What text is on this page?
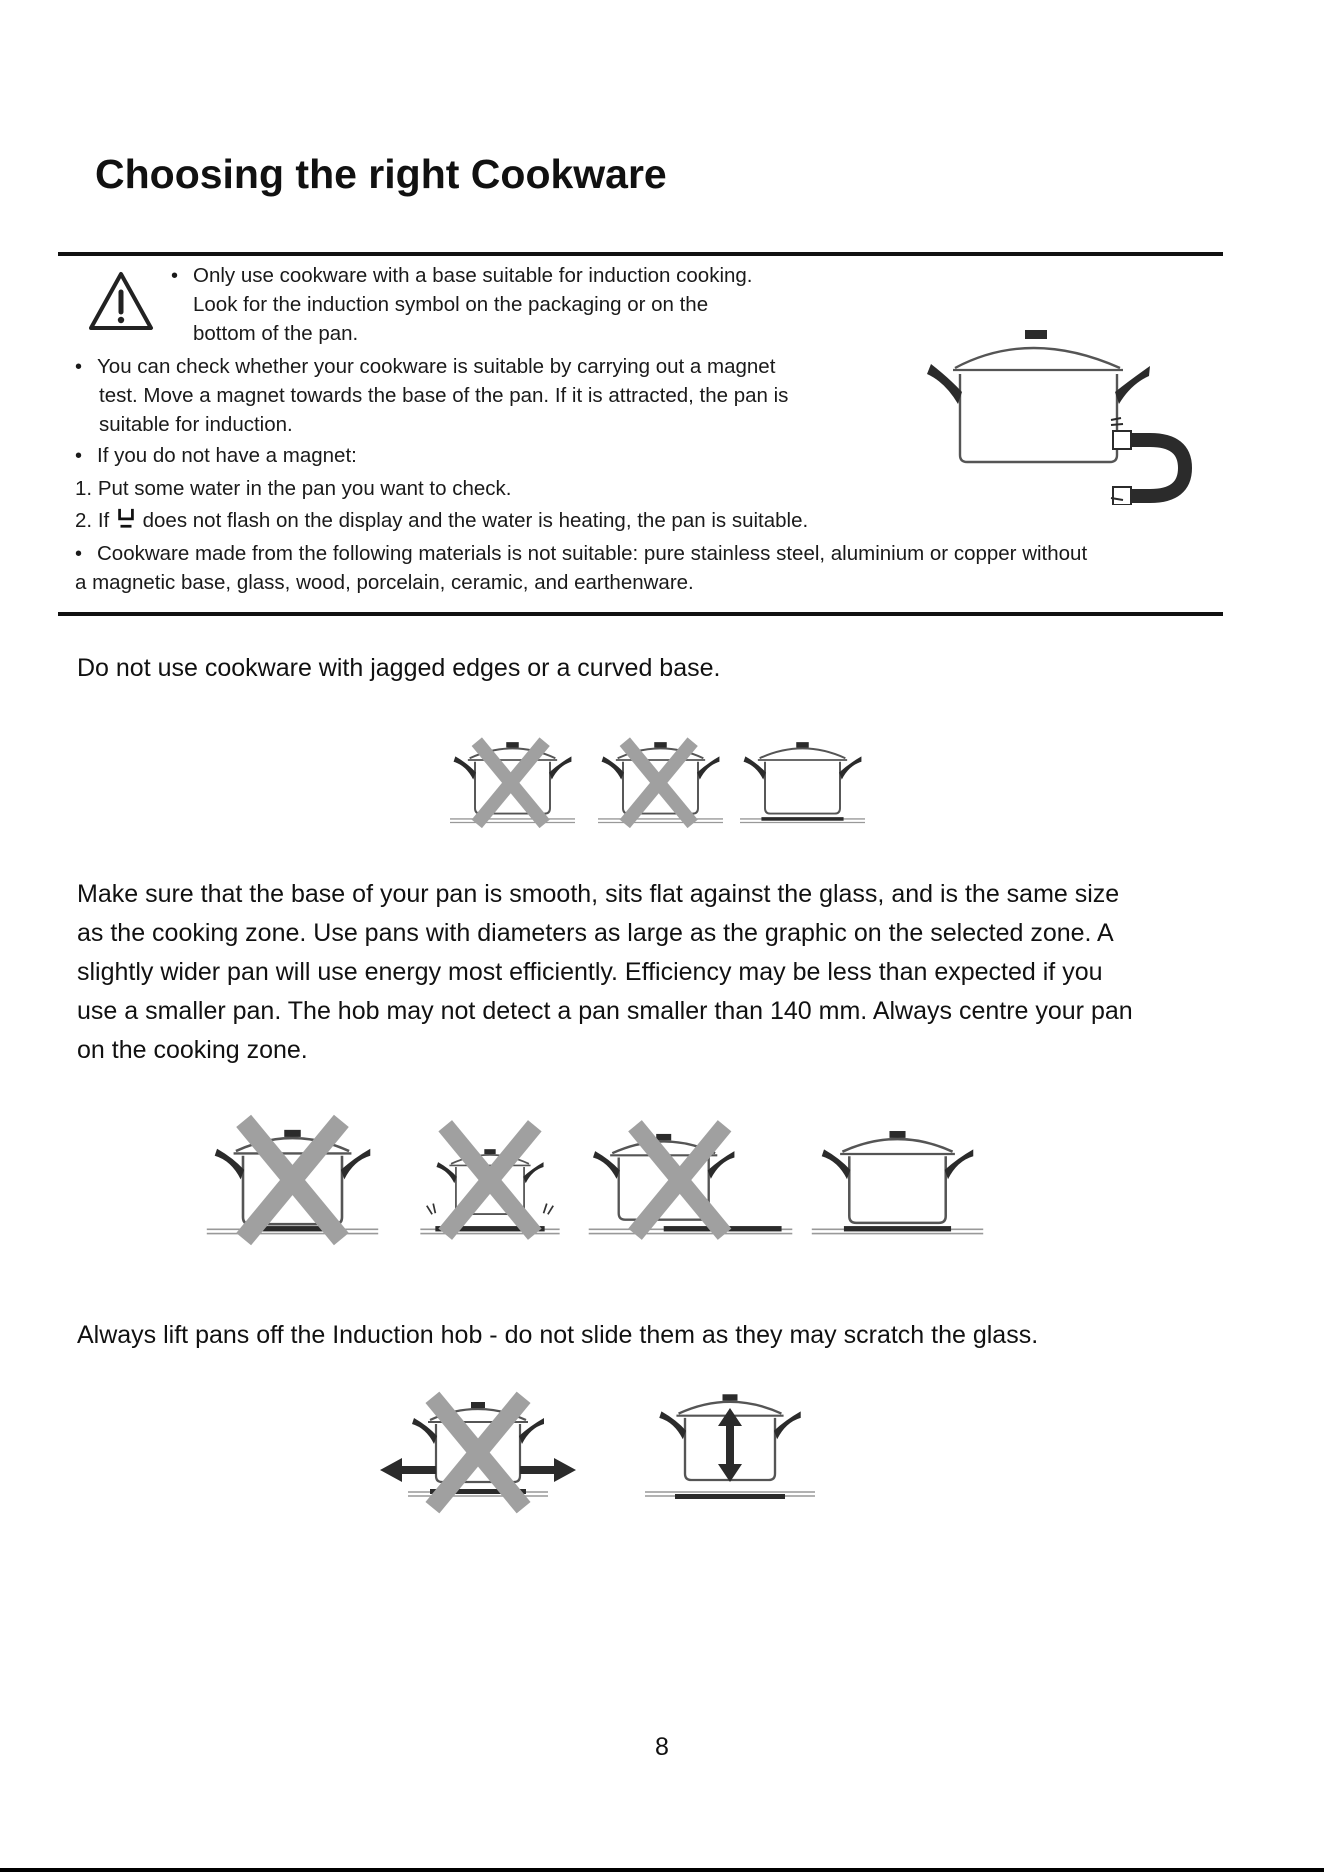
Choosing the right Cookware
• Only use cookware with a base suitable for induction cooking.
Look for the induction symbol on the packaging or on the
bottom of the pan.
• You can check whether your cookware is suitable by carrying out a magnet
test. Move a magnet towards the base of the pan. If it is attracted, the pan is
suitable for induction.
• If you do not have a magnet:
1. Put some water in the pan you want to check.
2. If does not flash on the display and the water is heating, the pan is suitable.
• Cookware made from the following materials is not suitable: pure stainless steel, aluminium or copper without
a magnetic base, glass, wood, porcelain, ceramic, and earthenware.
Do not use cookware with jagged edges or a curved base.
Make sure that the base of your pan is smooth, sits flat against the glass, and is the same size
as the cooking zone. Use pans with diameters as large as the graphic on the selected zone. A
slightly wider pan will use energy most efficiently. Efficiency may be less than expected if you
use a smaller pan. The hob may not detect a pan smaller than 140 mm. Always centre your pan
on the cooking zone.
Always lift pans off the Induction hob - do not slide them as they may scratch the glass.
8
